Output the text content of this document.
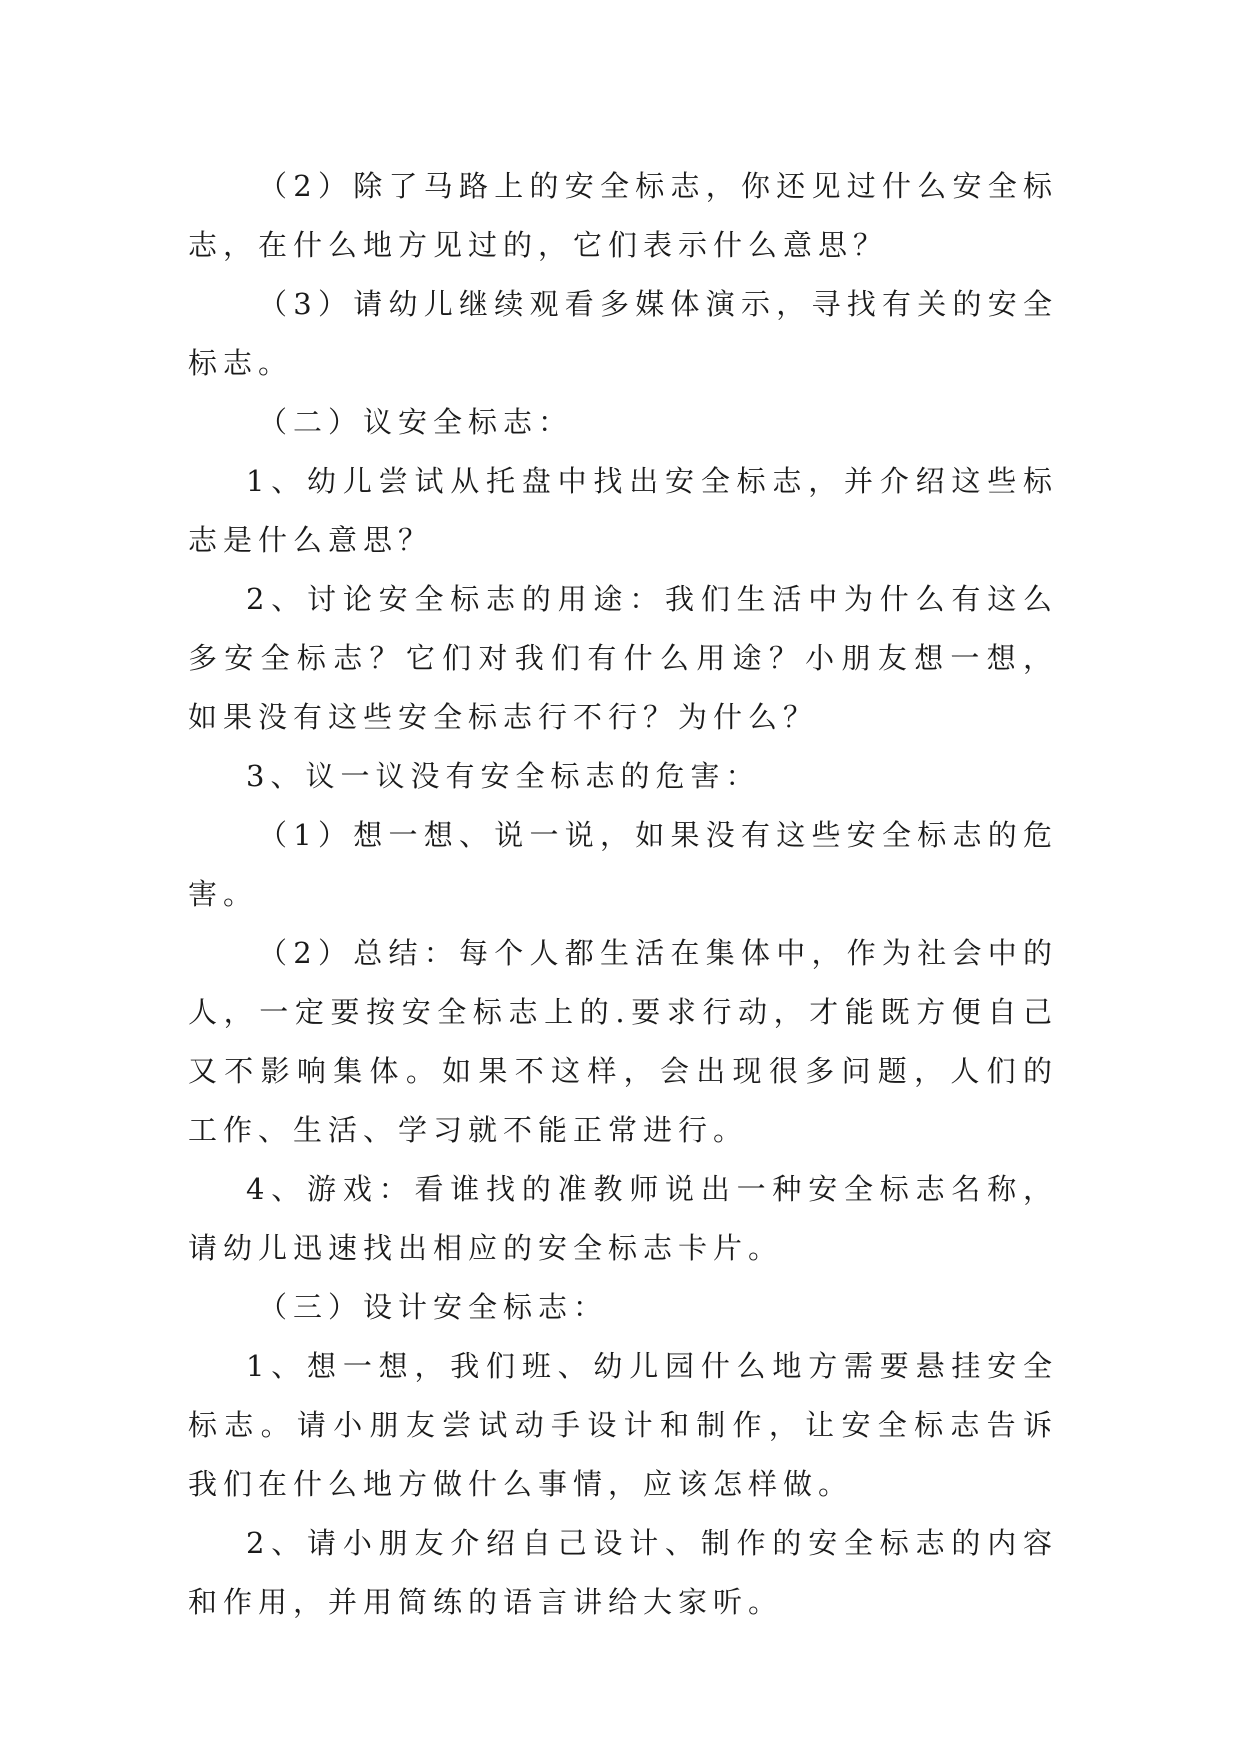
（2）除了马路上的安全标志，你还见过什么安全标志，在什么地方见过的，它们表示什么意思？

（3）请幼儿继续观看多媒体演示，寻找有关的安全标志。

（二）议安全标志：

1、幼儿尝试从托盘中找出安全标志，并介绍这些标志是什么意思？

2、讨论安全标志的用途：我们生活中为什么有这么多安全标志？它们对我们有什么用途？小朋友想一想，如果没有这些安全标志行不行？为什么？

3、议一议没有安全标志的危害：

（1）想一想、说一说，如果没有这些安全标志的危害。

（2）总结：每个人都生活在集体中，作为社会中的人，一定要按安全标志上的.要求行动，才能既方便自己又不影响集体。如果不这样，会出现很多问题，人们的工作、生活、学习就不能正常进行。

4、游戏：看谁找的准教师说出一种安全标志名称，请幼儿迅速找出相应的安全标志卡片。

（三）设计安全标志：

1、想一想，我们班、幼儿园什么地方需要悬挂安全标志。请小朋友尝试动手设计和制作，让安全标志告诉我们在什么地方做什么事情，应该怎样做。

2、请小朋友介绍自己设计、制作的安全标志的内容和作用，并用简练的语言讲给大家听。
